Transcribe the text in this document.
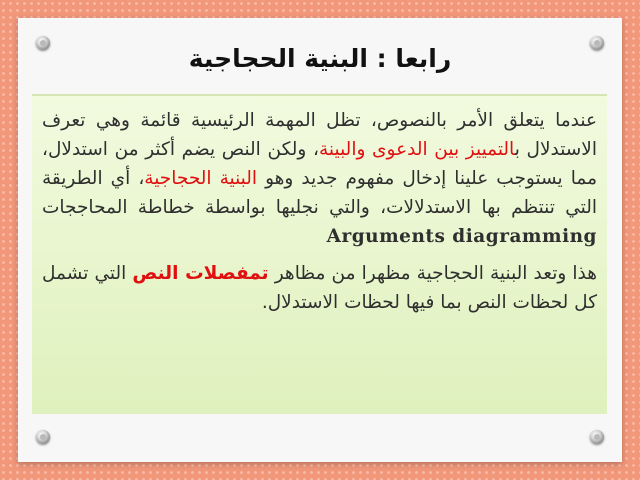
رابعا : البنية الحجاجية

عندما يتعلق الأمر بالنصوص، تظل المهمة الرئيسية قائمة وهي تعرف الاستدلال بالتمييز بين الدعوى والبينة، ولكن النص يضم أكثر من استدلال، مما يستوجب علينا إدخال مفهوم جديد وهو البنية الحجاجية، أي الطريقة التي تنتظم بها الاستدلالات، والتي نجليها بواسطة خطاطة المحاججات Arguments diagramming

هذا وتعد البنية الحجاجية مظهرا من مظاهر تمفصلات النص التي تشمل كل لحظات النص بما فيها لحظات الاستدلال.
